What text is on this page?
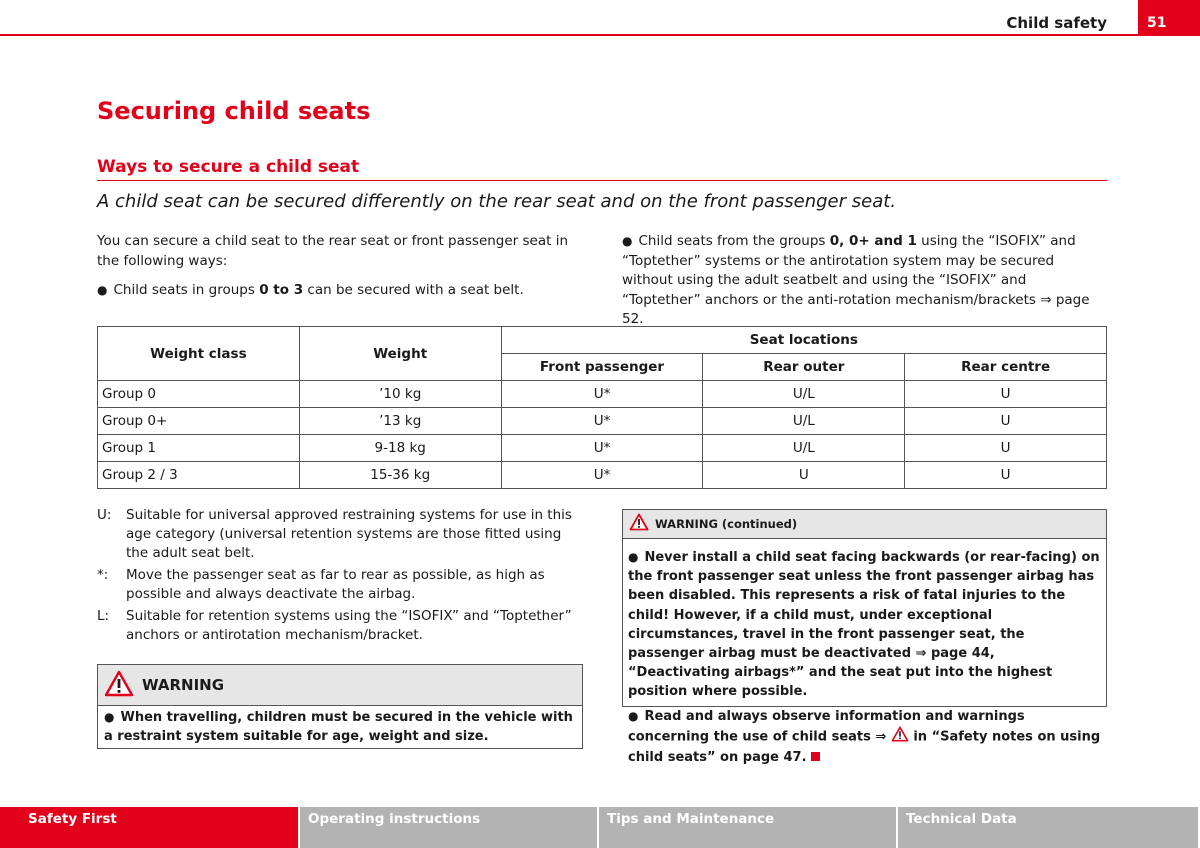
Child safety	51
Securing child seats
Ways to secure a child seat
A child seat can be secured differently on the rear seat and on the front passenger seat.
You can secure a child seat to the rear seat or front passenger seat in the following ways:
● Child seats in groups 0 to 3 can be secured with a seat belt.
● Child seats from the groups 0, 0+ and 1 using the “ISOFIX” and “Toptether” systems or the antirotation system may be secured without using the adult seatbelt and using the “ISOFIX” and “Toptether” anchors or the anti-rotation mechanism/brackets ⇒ page 52.
Weight class	Weight	Seat locations		
		Front passenger	Rear outer	Rear centre
Group 0	’10 kg	U*	U/L	U
Group 0+	’13 kg	U*	U/L	U
Group 1	9-18 kg	U*	U/L	U
Group 2 / 3	15-36 kg	U*	U	U
U:	Suitable for universal approved restraining systems for use in this age category (universal retention systems are those fitted using the adult seat belt.
*:	Move the passenger seat as far to rear as possible, as high as possible and always deactivate the airbag.
L:	Suitable for retention systems using the “ISOFIX” and “Toptether” anchors or antirotation mechanism/bracket.
WARNING
● When travelling, children must be secured in the vehicle with a restraint system suitable for age, weight and size.
WARNING (continued)

● Never install a child seat facing backwards (or rear-facing) on the front passenger seat unless the front passenger airbag has been disabled. This represents a risk of fatal injuries to the child! However, if a child must, under exceptional circumstances, travel in the front passenger seat, the passenger airbag must be deactivated ⇒ page 44, “Deactivating airbags*” and the seat put into the highest position where possible.

● Read and always observe information and warnings concerning the use of child seats ⇒  in “Safety notes on using child seats” on page 47.

Safety First	Operating instructions	Tips and Maintenance	Technical Data
